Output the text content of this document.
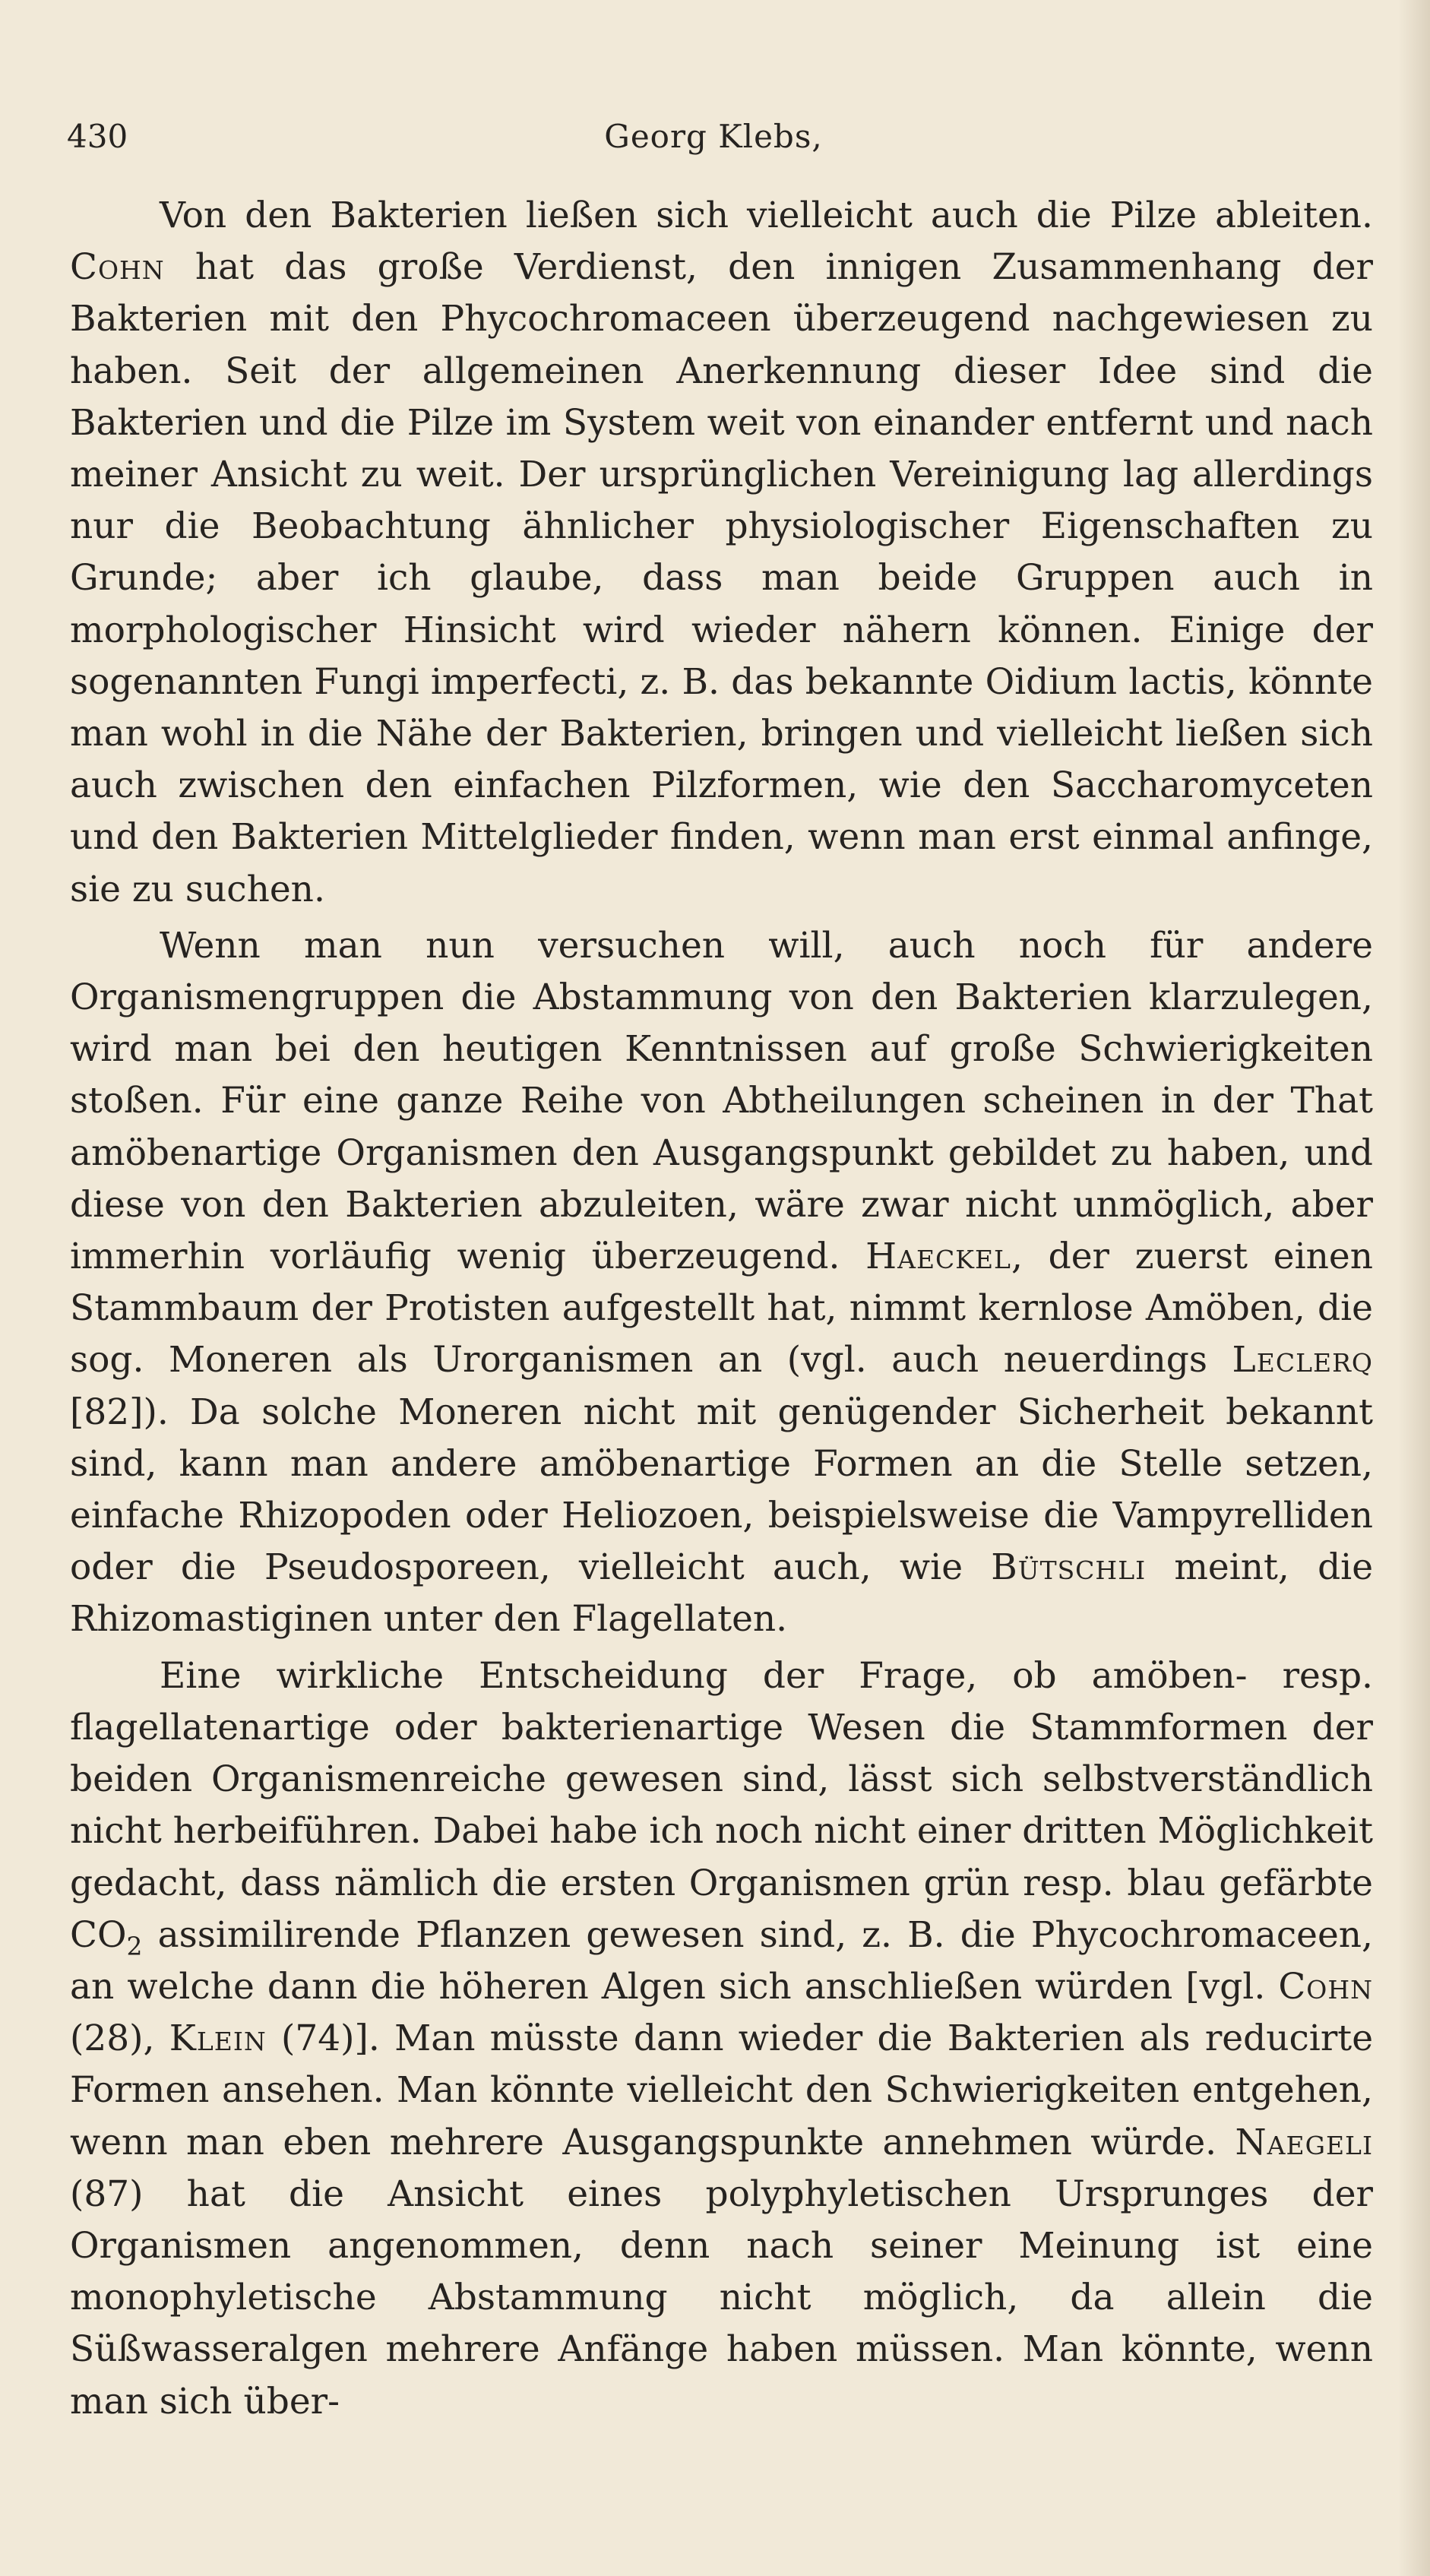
430	Georg Klebs,

Von den Bakterien ließen sich vielleicht auch die Pilze ableiten. Cohn hat das große Verdienst, den innigen Zusammenhang der Bakterien mit den Phycochromaceen überzeugend nachgewiesen zu haben. Seit der allgemeinen Anerkennung dieser Idee sind die Bakterien und die Pilze im System weit von einander entfernt und nach meiner Ansicht zu weit. Der ursprünglichen Vereinigung lag allerdings nur die Beobachtung ähnlicher physiologischer Eigenschaften zu Grunde; aber ich glaube, dass man beide Gruppen auch in morphologischer Hinsicht wird wieder nähern können. Einige der sogenannten Fungi imperfecti, z. B. das bekannte Oidium lactis, könnte man wohl in die Nähe der Bakterien, bringen und vielleicht ließen sich auch zwischen den einfachen Pilzformen, wie den Saccharomyceten und den Bakterien Mittelglieder finden, wenn man erst einmal anfinge, sie zu suchen.

Wenn man nun versuchen will, auch noch für andere Organismengruppen die Abstammung von den Bakterien klarzulegen, wird man bei den heutigen Kenntnissen auf große Schwierigkeiten stoßen. Für eine ganze Reihe von Abtheilungen scheinen in der That amöbenartige Organismen den Ausgangspunkt gebildet zu haben, und diese von den Bakterien abzuleiten, wäre zwar nicht unmöglich, aber immerhin vorläufig wenig überzeugend. Haeckel, der zuerst einen Stammbaum der Protisten aufgestellt hat, nimmt kernlose Amöben, die sog. Moneren als Urorganismen an (vgl. auch neuerdings Leclerq [82]). Da solche Moneren nicht mit genügender Sicherheit bekannt sind, kann man andere amöbenartige Formen an die Stelle setzen, einfache Rhizopoden oder Heliozoen, beispielsweise die Vampyrelliden oder die Pseudosporeen, vielleicht auch, wie Bütschli meint, die Rhizomastiginen unter den Flagellaten.

Eine wirkliche Entscheidung der Frage, ob amöben- resp. flagellatenartige oder bakterienartige Wesen die Stammformen der beiden Organismenreiche gewesen sind, lässt sich selbstverständlich nicht herbeiführen. Dabei habe ich noch nicht einer dritten Möglichkeit gedacht, dass nämlich die ersten Organismen grün resp. blau gefärbte $CO_2$ assimilirende Pflanzen gewesen sind, z. B. die Phycochromaceen, an welche dann die höheren Algen sich anschließen würden [vgl. Cohn (28), Klein (74)]. Man müsste dann wieder die Bakterien als reducirte Formen ansehen. Man könnte vielleicht den Schwierigkeiten entgehen, wenn man eben mehrere Ausgangspunkte annehmen würde. Naegeli (87) hat die Ansicht eines polyphyletischen Ursprunges der Organismen angenommen, denn nach seiner Meinung ist eine monophyletische Abstammung nicht möglich, da allein die Süßwasseralgen mehrere Anfänge haben müssen. Man könnte, wenn man sich über-
